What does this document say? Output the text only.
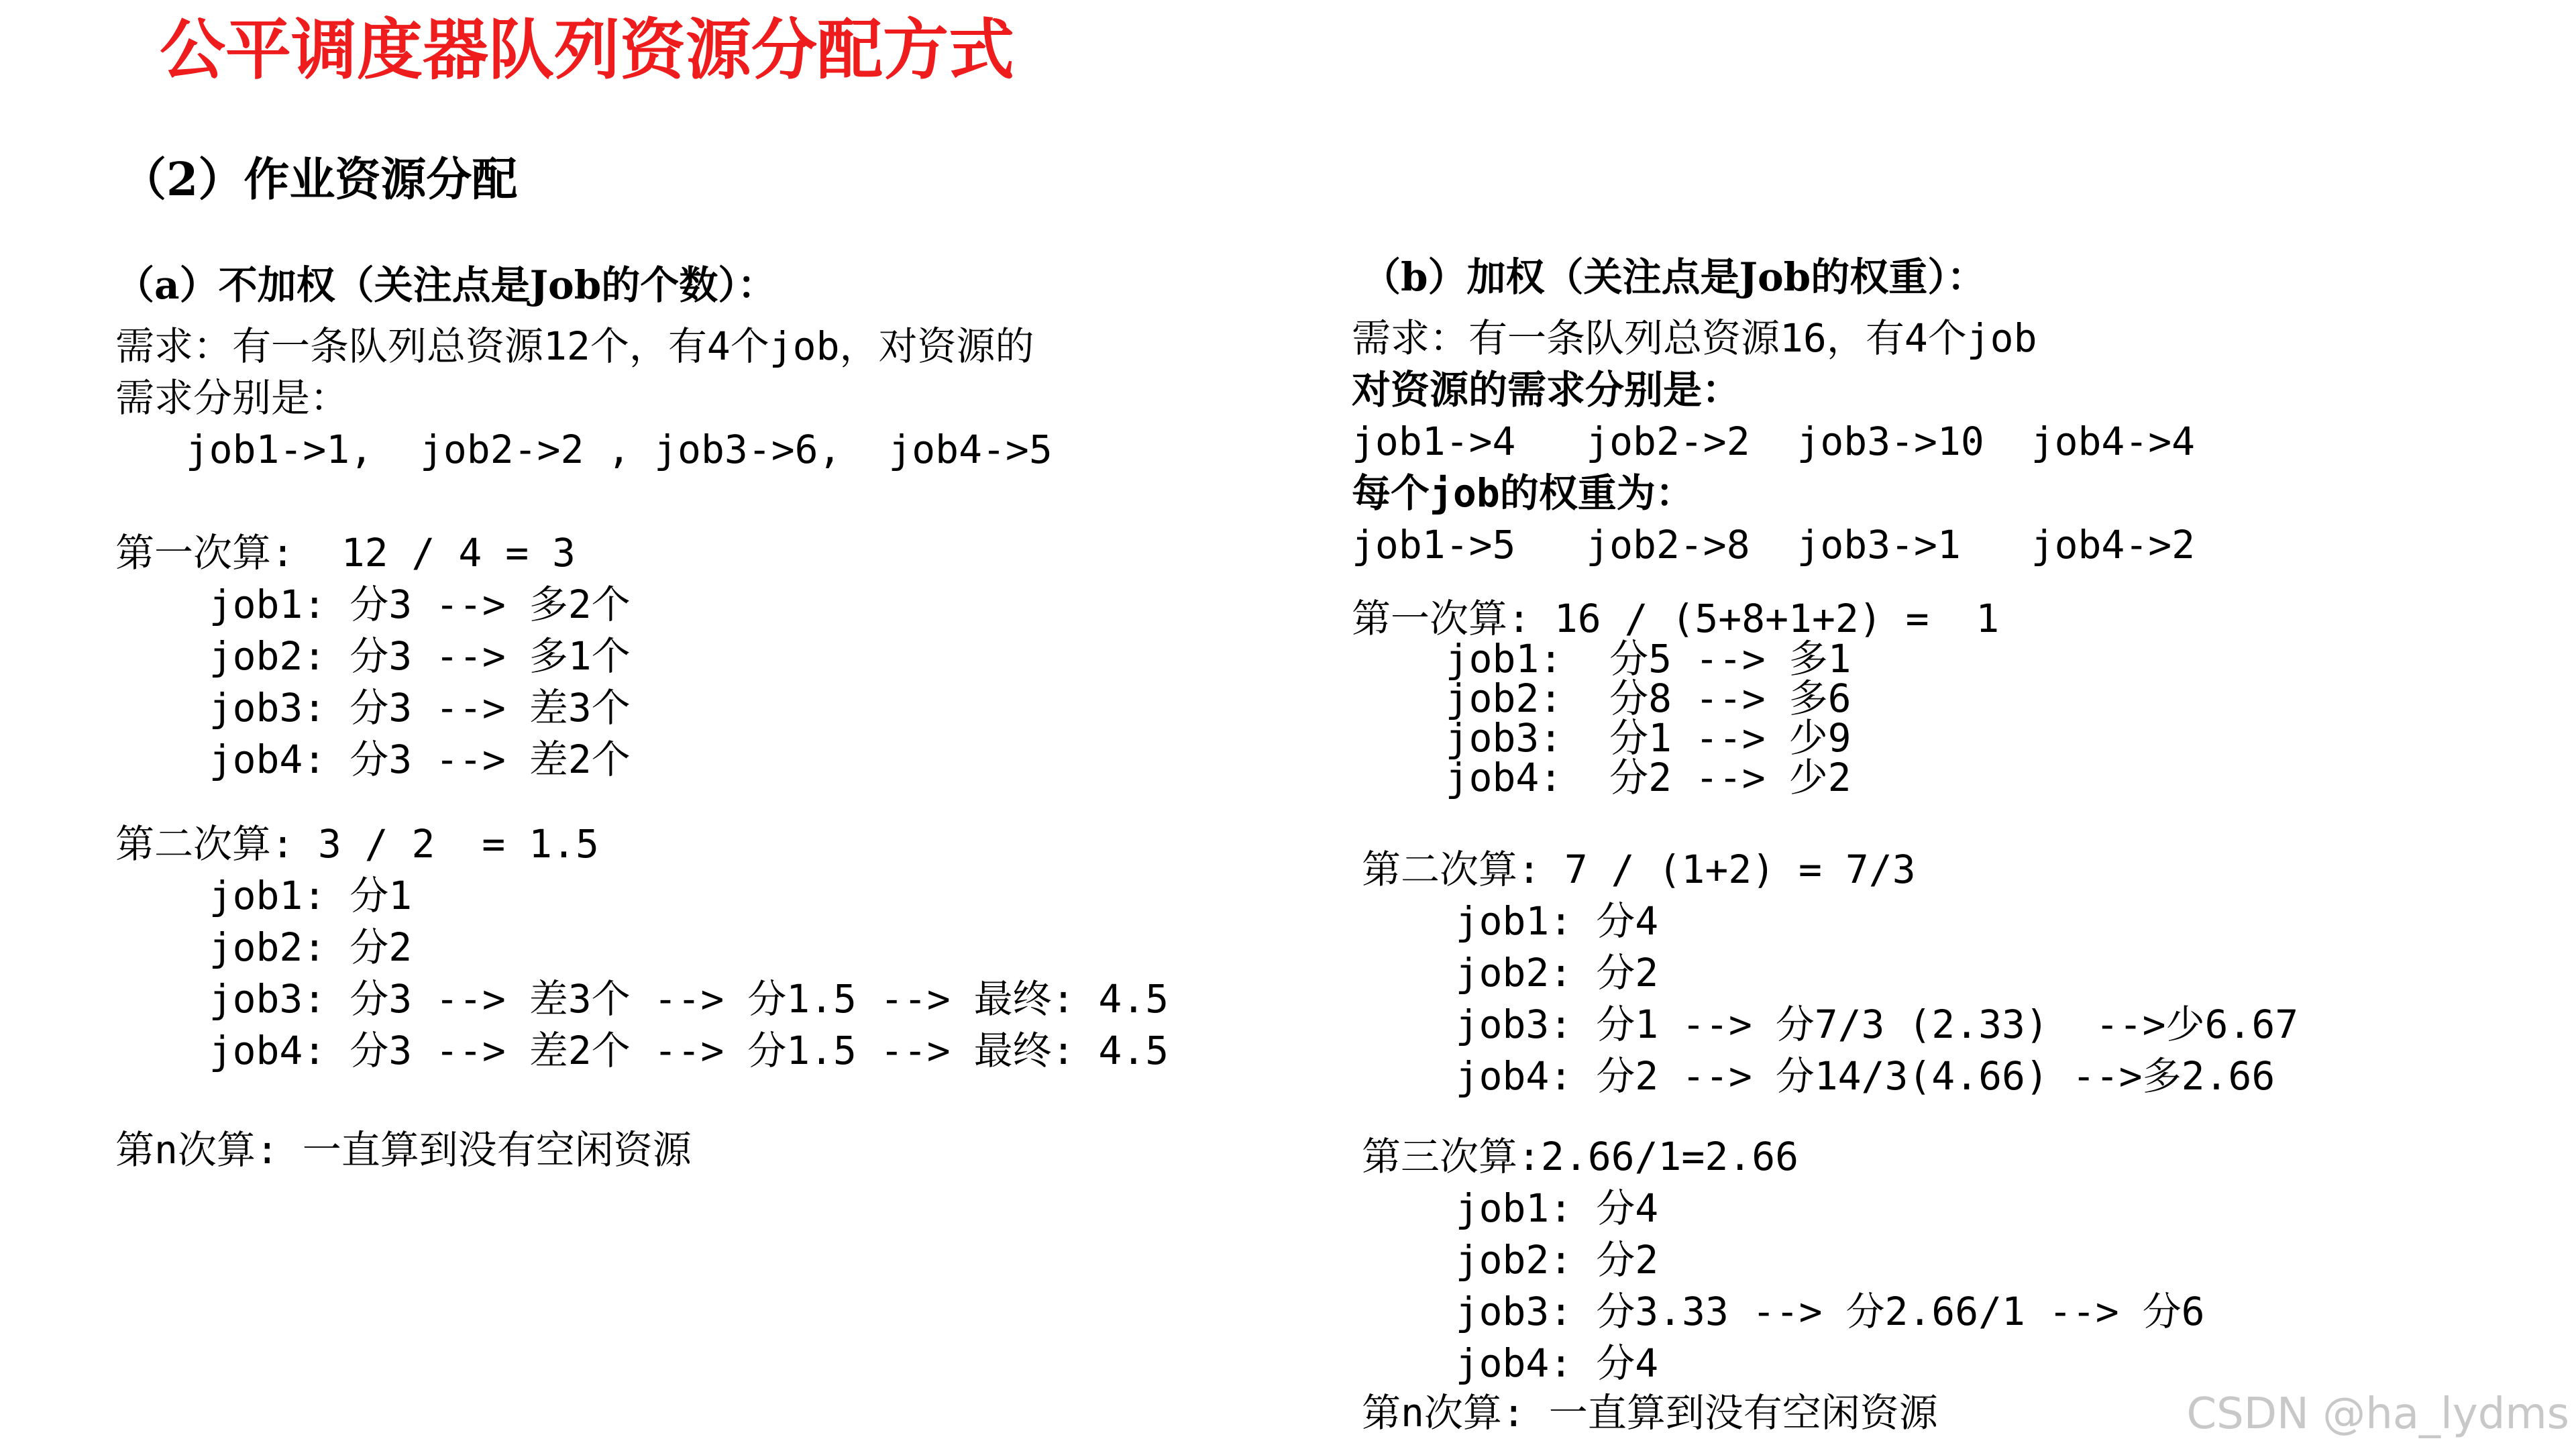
公平调度器队列资源分配方式
（2）作业资源分配
（a）不加权（关注点是Job的个数）：
需求：有一条队列总资源12个，有4个job，对资源的
需求分别是：
job1->1,  job2->2 , job3->6,  job4->5
第一次算:  12 / 4 = 3
job1: 分3 --> 多2个
job2: 分3 --> 多1个
job3: 分3 --> 差3个
job4: 分3 --> 差2个
第二次算: 3 / 2  = 1.5
job1: 分1
job2: 分2
job3: 分3 --> 差3个 --> 分1.5 --> 最终: 4.5
job4: 分3 --> 差2个 --> 分1.5 --> 最终: 4.5
第n次算: 一直算到没有空闲资源
（b）加权（关注点是Job的权重）：
需求：有一条队列总资源16，有4个job
对资源的需求分别是：
job1->4   job2->2  job3->10  job4->4
每个job的权重为：
job1->5   job2->8  job3->1   job4->2
第一次算: 16 / (5+8+1+2) =  1
job1:  分5 --> 多1
job2:  分8 --> 多6
job3:  分1 --> 少9
job4:  分2 --> 少2
第二次算: 7 / (1+2) = 7/3
job1: 分4
job2: 分2
job3: 分1 --> 分7/3 (2.33)  -->少6.67
job4: 分2 --> 分14/3(4.66) -->多2.66
第三次算:2.66/1=2.66
job1: 分4
job2: 分2
job3: 分3.33 --> 分2.66/1 --> 分6
job4: 分4
第n次算: 一直算到没有空闲资源	CSDN @ha_lydms
